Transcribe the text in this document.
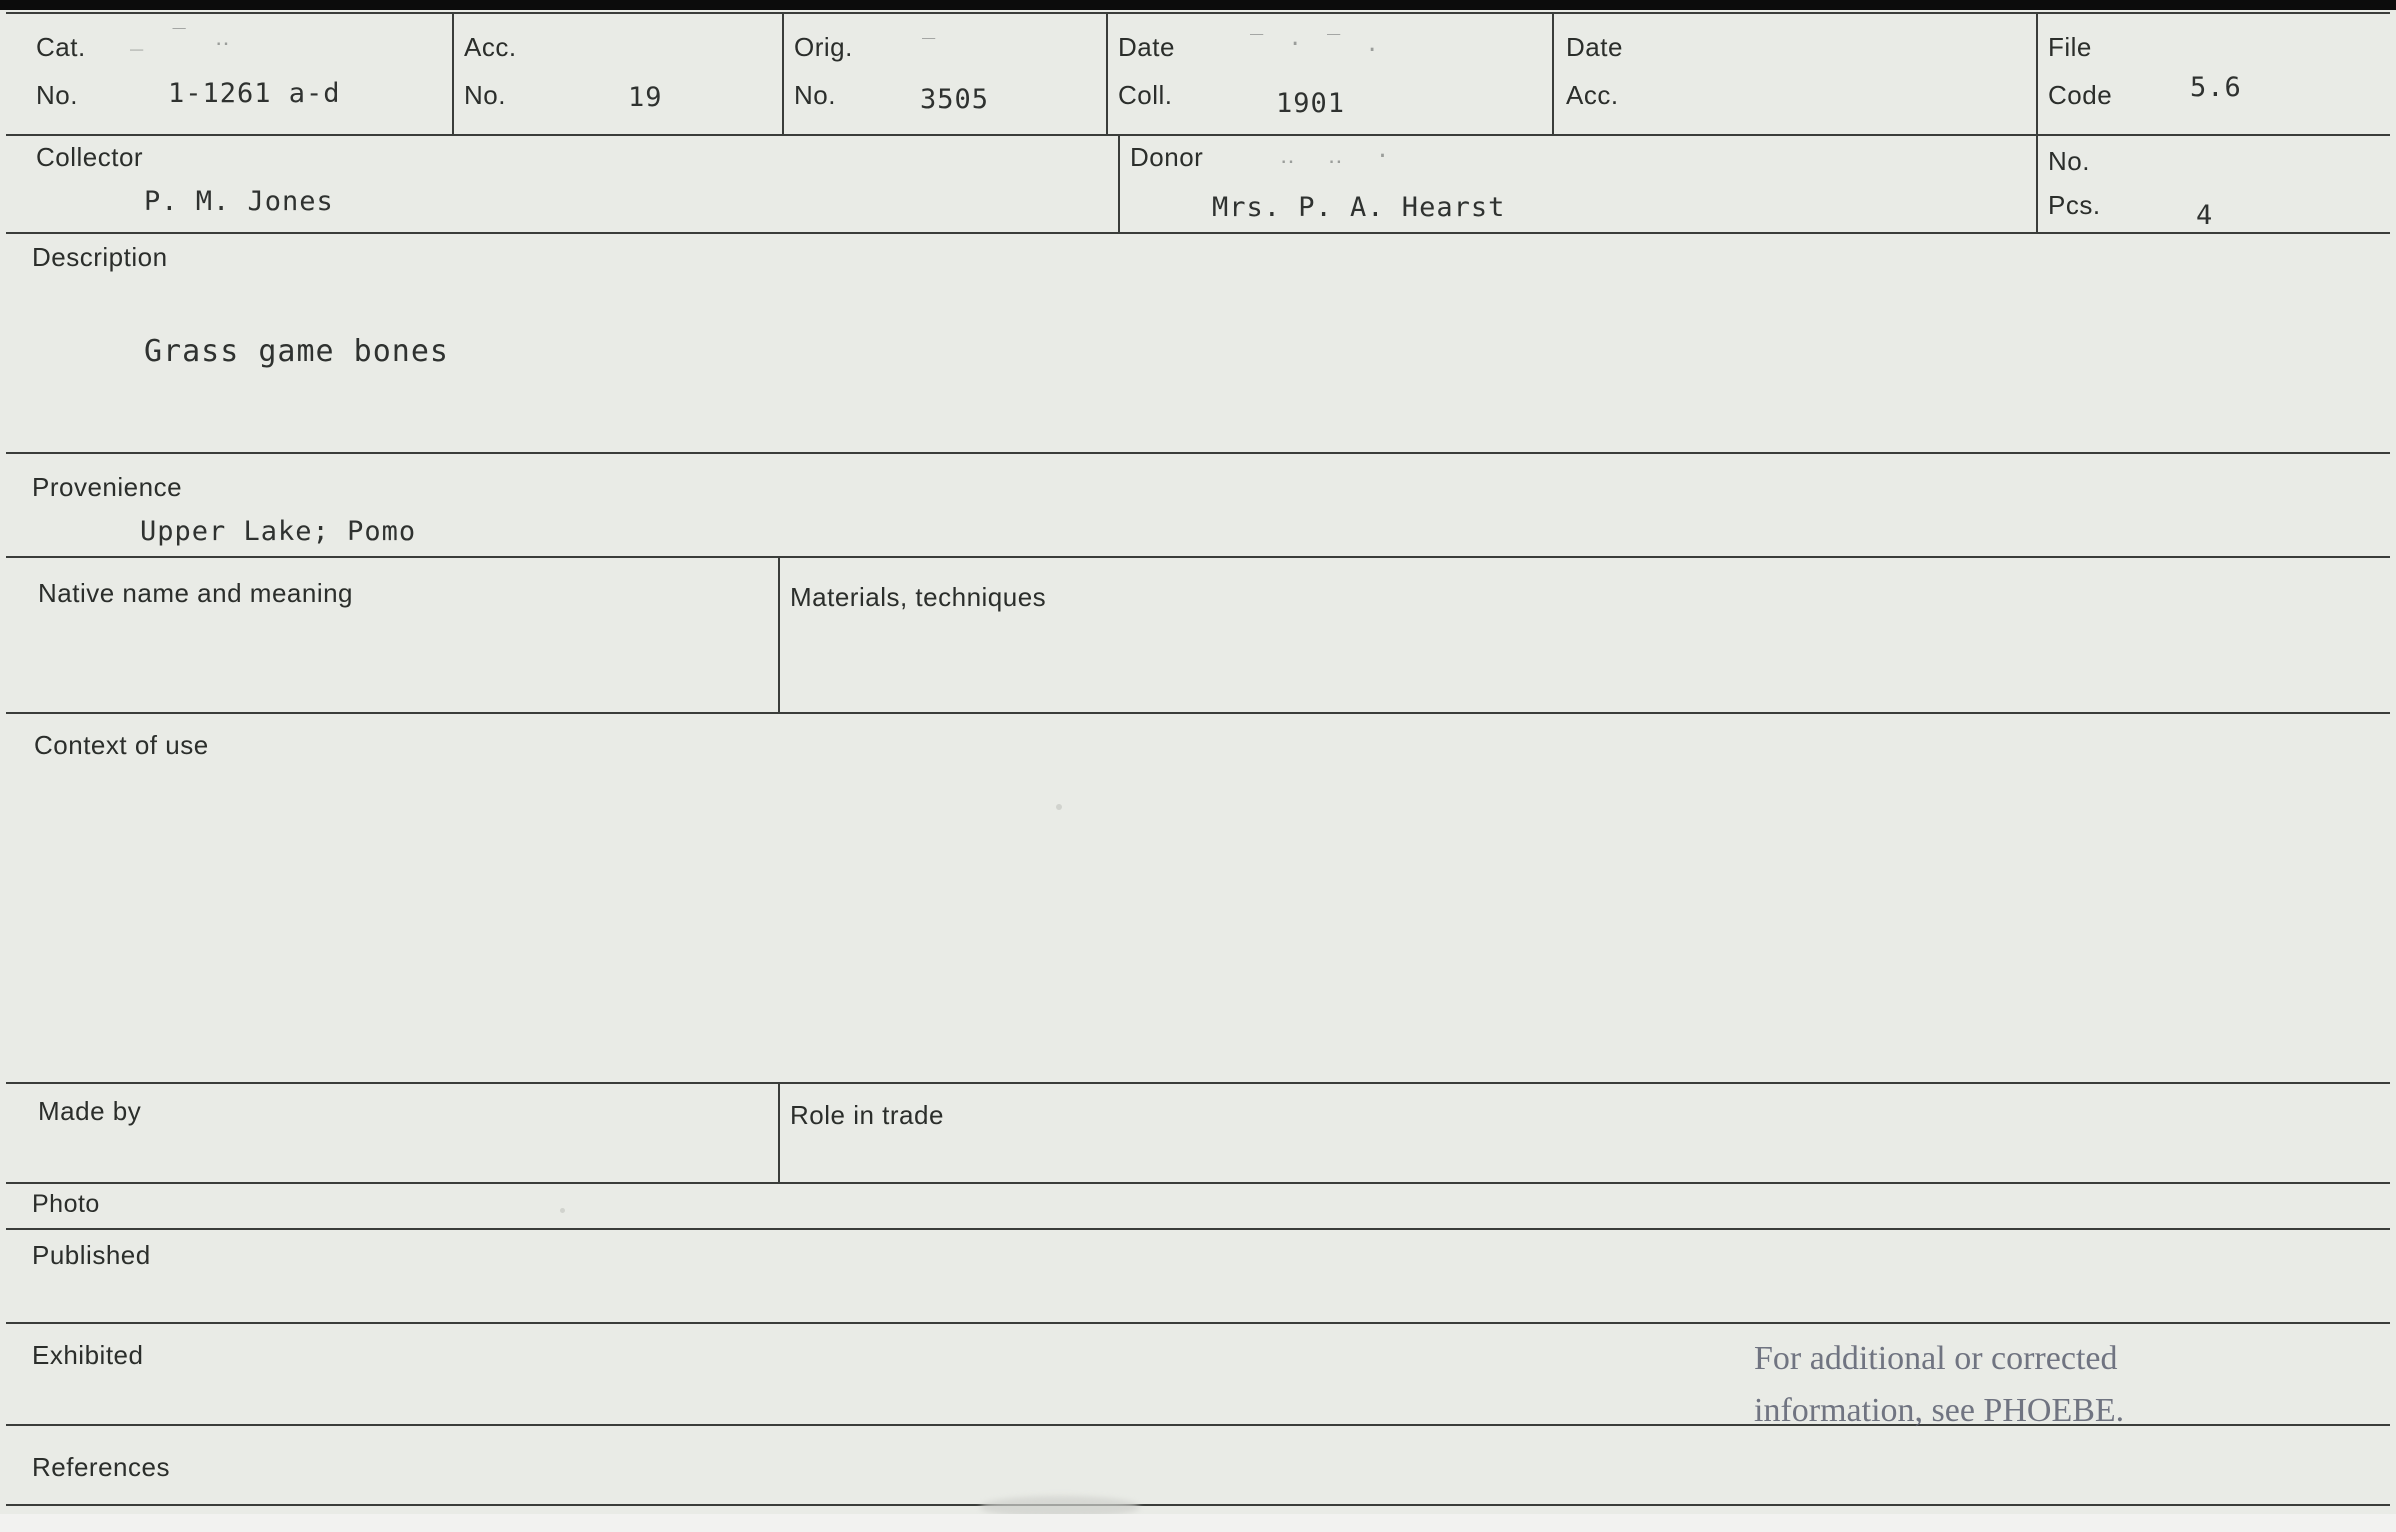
Cat.
No.	1-1261 a-d
Acc.
No.	19
Orig.
No.	3505
Date
Coll.	1901
Date
Acc.
File
Code	5.6
Collector
P. M. Jones
Donor
Mrs. P. A. Hearst
No.
Pcs.	4
Description
Grass game bones
Provenience
Upper Lake; Pomo
Native name and meaning	Materials, techniques
Context of use
Made by	Role in trade
Photo
Published
Exhibited
References
For additional or corrected
information, see PHOEBE.
_ ‾ ‥	‾	‾ · ‾ .
‥ ‥ ·
